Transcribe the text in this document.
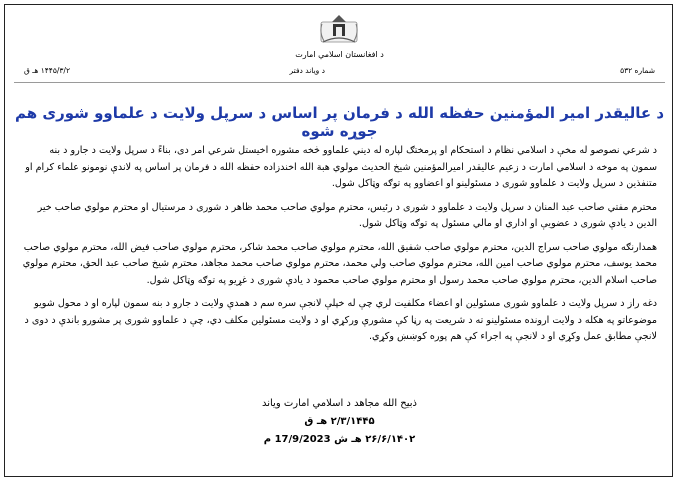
د افغانستان اسلامي امارت
شماره ۵۳۲
د ویاند دفتر
۱۴۴۵/۳/۲ هـ ق
د عالیقدر امیر المؤمنین حفظه الله د فرمان پر اساس د سرپل ولایت د علماوو شورى هم جوړه شوه

د شرعي نصوصو له مخې د اسلامي نظام د استحکام او پرمختګ لپاره له دیني علماوو څخه مشوره اخیستل شرعي امر دی، بناءً د سرپل ولایت د جارو د بنه سمون په موخه د اسلامي امارت د زعیم عالیقدر امیرالمؤمنین شیخ الحدیث مولوي هبة الله اخندزاده حفظه الله د فرمان پر اساس په لاندې نومونو علماء کرام او متنفذین د سرپل ولایت د علماوو شورى د مسئولینو او اعضاوو په توګه وټاکل شول.

محترم مفتي صاحب عبد المنان د سرپل ولایت د علماوو د شورى د رئیس، محترم مولوي صاحب محمد ظاهر د شورى د مرستیال او محترم مولوي صاحب خیر الدین د یادې شورى د عضویې او اداري او مالي مسئول په توګه وټاکل شول.

همدارنګه مولوي صاحب سراج الدین، محترم مولوي صاحب شفیق الله، محترم مولوي صاحب محمد شاکر، محترم مولوي صاحب فیض الله، محترم مولوي صاحب محمد یوسف، محترم مولوي صاحب امین الله، محترم مولوي صاحب ولي محمد، محترم مولوي صاحب محمد مجاهد، محترم شیخ صاحب عبد الحق، محترم مولوي صاحب اسلام الدین، محترم مولوي صاحب محمد رسول او محترم مولوي صاحب محمود د یادې شورى د غړیو په توګه وټاکل شول.

دغه راز د سرپل ولایت د علماوو شورى مسئولین او اعضاء مکلفیت لري چې له خپلې لانجې سره سم د همدې ولایت د جارو د بنه سمون لپاره او د محول شویو موضوعاتو په هکله د ولایت ارونده مسئولینو ته د شریعت په رڼا کې مشورې ورکړي او د ولایت مسئولین مکلف دي، چې د علماوو شورى پر مشورو باندې د دوى د لانجې مطابق عمل وکړي او د لانجې په اجراء کې هم پوره کوښښ وکړي.

ذبیح الله مجاهد د اسلامي امارت ویاند
۲/۳/۱۴۴۵ هـ ق
۲۶/۶/۱۴۰۲ هـ ش 17/9/2023 م
